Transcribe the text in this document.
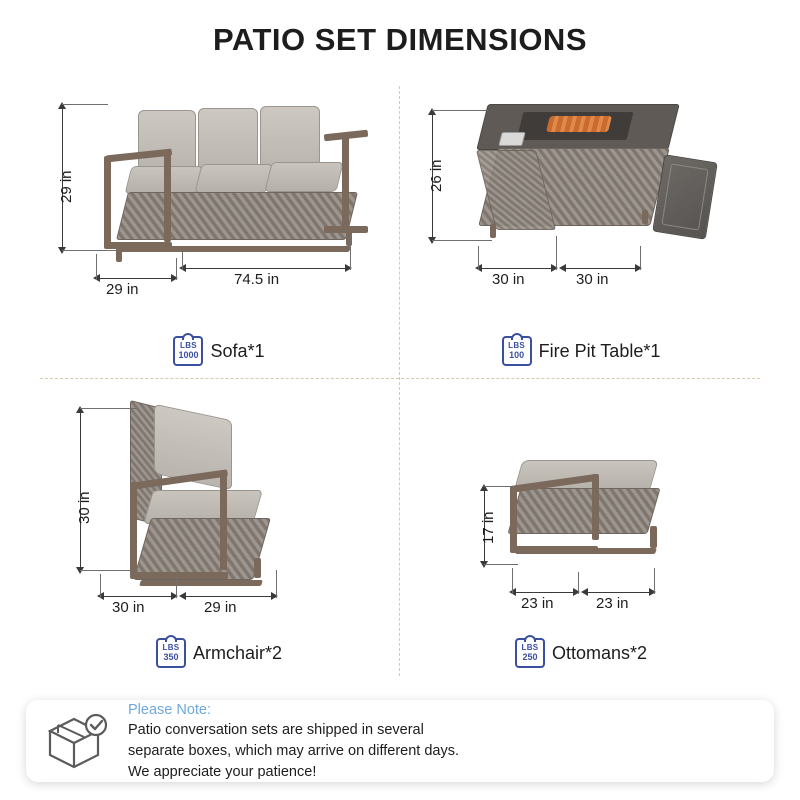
PATIO SET DIMENSIONS
29 in
29 in
74.5 in
LBS
1000 Sofa*1
26 in
30 in	30 in
LBS
100 Fire Pit Table*1
30 in
30 in	29 in
LBS
350 Armchair*2
17 in
23 in	23 in
LBS
250 Ottomans*2
Please Note:
Patio conversation sets are shipped in several
separate boxes, which may arrive on different days.
We appreciate your patience!
